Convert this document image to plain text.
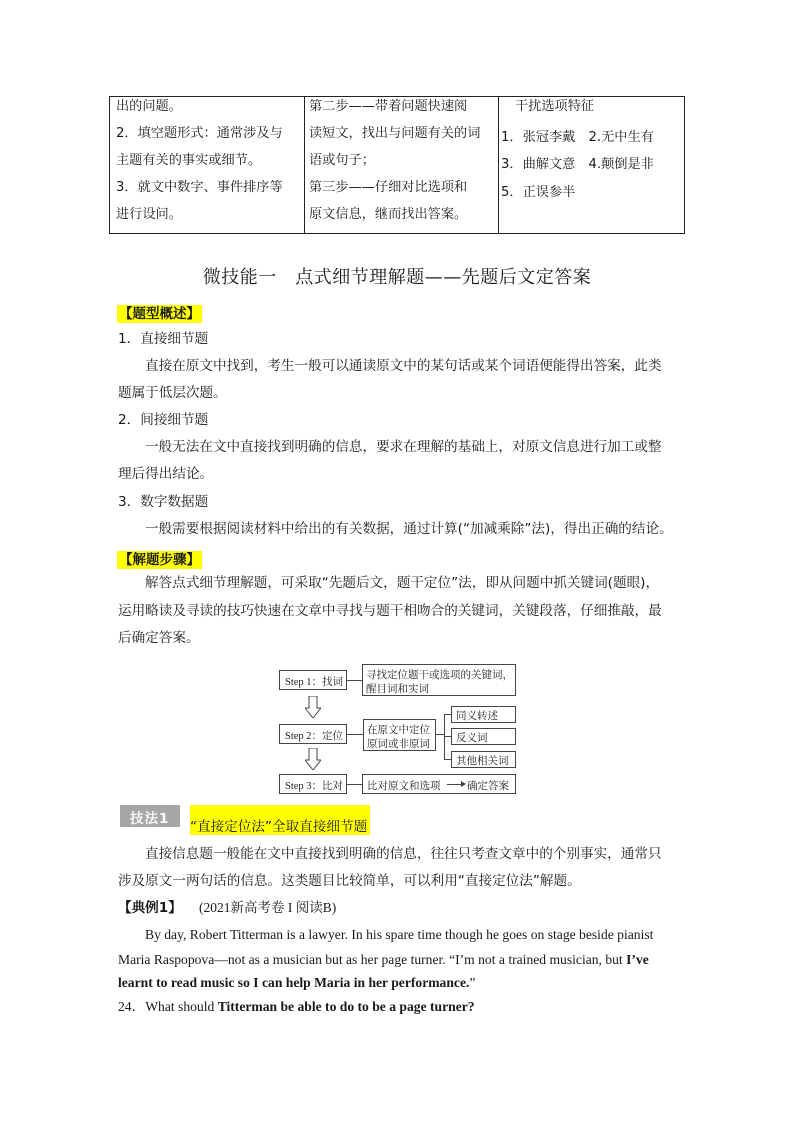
出的问题。
2．填空题形式：通常涉及与
主题有关的事实或细节。
3．就文中数字、事件排序等
进行设问。
第二步——带着问题快速阅
读短文，找出与问题有关的词
语或句子；
第三步——仔细对比选项和
原文信息，继而找出答案。
干扰选项特征
1．张冠李戴　2.无中生有
3．曲解文意　4.颠倒是非
5．正误参半
微技能一　点式细节理解题——先题后文定答案
【题型概述】
1．直接细节题
直接在原文中找到，考生一般可以通读原文中的某句话或某个词语便能得出答案，此类
题属于低层次题。
2．间接细节题
一般无法在文中直接找到明确的信息，要求在理解的基础上，对原文信息进行加工或整
理后得出结论。
3．数字数据题
一般需要根据阅读材料中给出的有关数据，通过计算(“加减乘除”法)，得出正确的结论。
【解题步骤】
解答点式细节理解题，可采取“先题后文，题干定位”法，即从问题中抓关键词(题眼)，
运用略读及寻读的技巧快速在文章中寻找与题干相吻合的关键词，关键段落，仔细推敲，最
后确定答案。
Step 1：找词
寻找定位题干或选项的关键词，
醒目词和实词
Step 2：定位
在原文中定位
原词或非原词
同义转述
反义词
其他相关词
Step 3：比对 比对原文和选项	确定答案
技法1 “直接定位法”全取直接细节题
直接信息题一般能在文中直接找到明确的信息，往往只考查文章中的个别事实，通常只
涉及原文一两句话的信息。这类题目比较简单，可以利用“直接定位法”解题。
【典例1】 (2021新高考卷 I 阅读B)
By day, Robert Titterman is a lawyer. In his spare time though he goes on stage beside pianist
Maria Raspopova—not as a musician but as her page turner. “I’m not a trained musician, but I’ve
learnt to read music so I can help Maria in her performance.”
24．What should Titterman be able to do to be a page turner?
